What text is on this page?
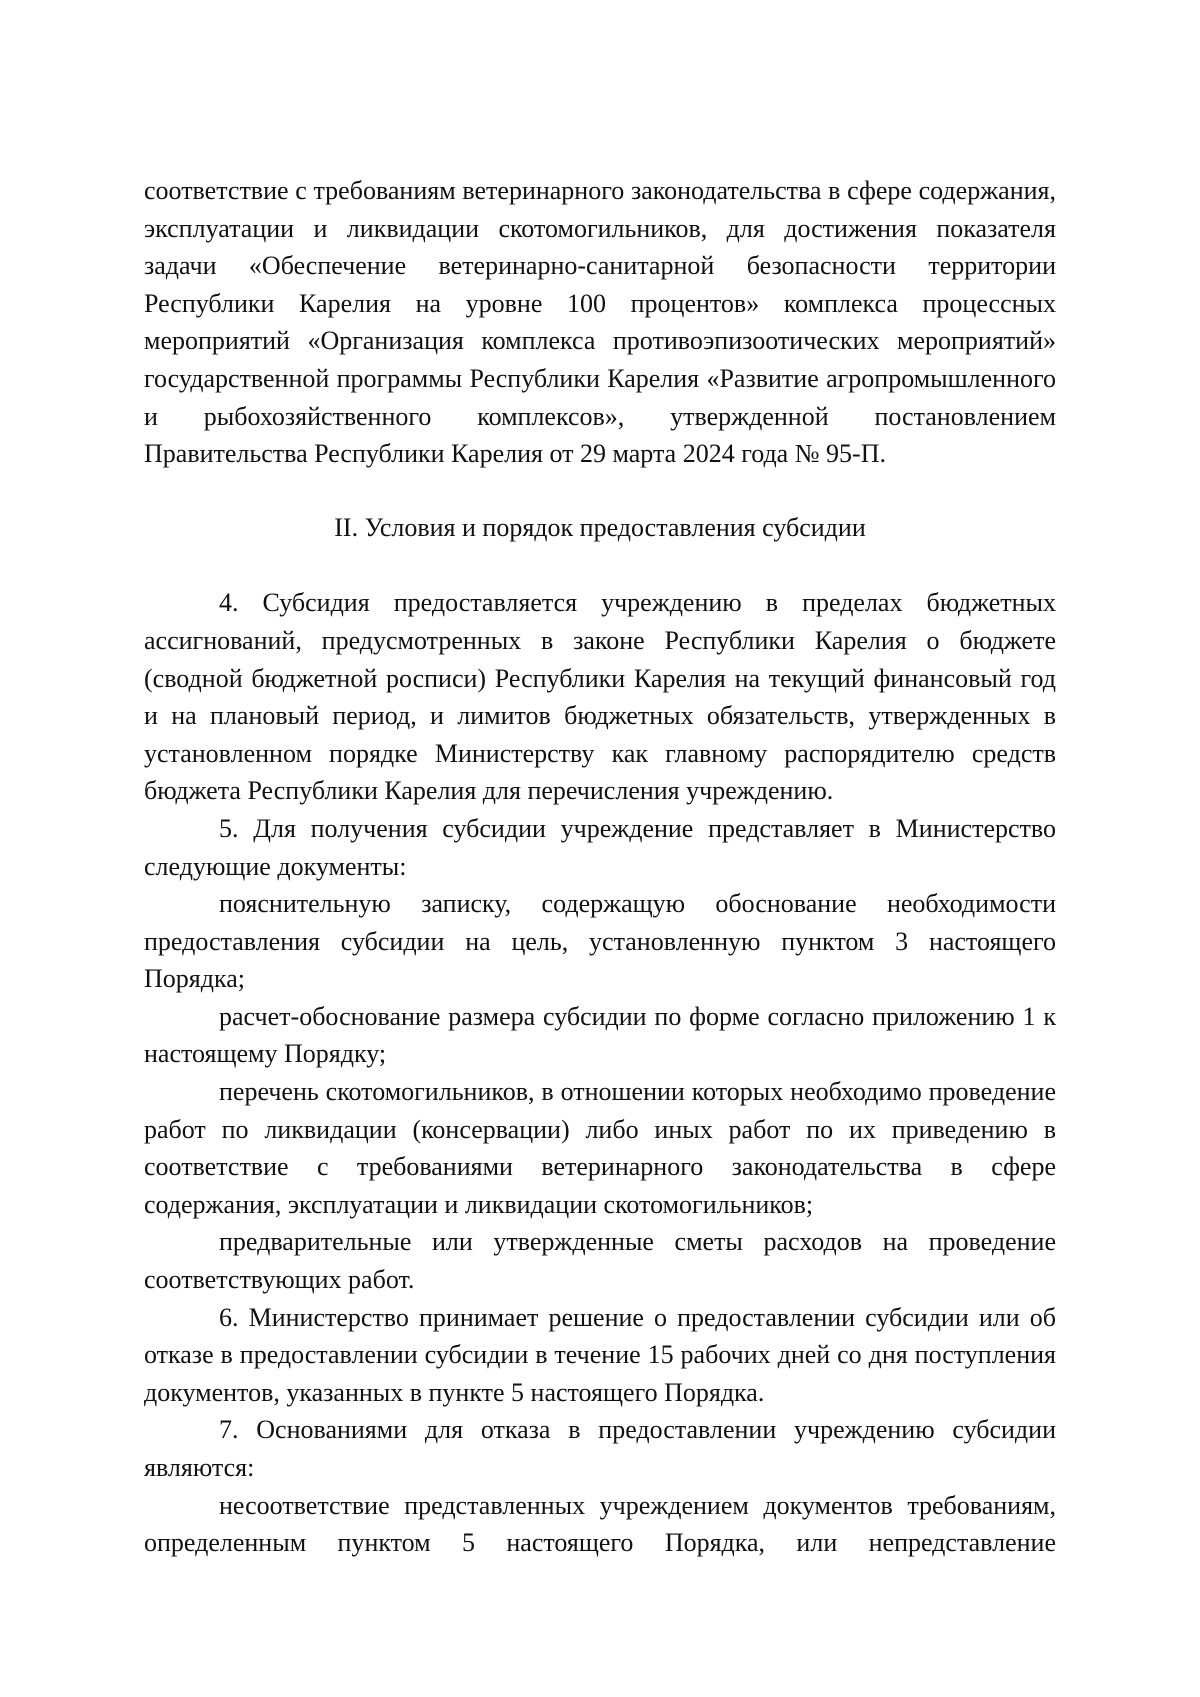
соответствие с требованиям ветеринарного законодательства в сфере содержания, эксплуатации и ликвидации скотомогильников, для достижения показателя задачи «Обеспечение ветеринарно-санитарной безопасности территории Республики Карелия на уровне 100 процентов» комплекса процессных мероприятий «Организация комплекса противоэпизоотических мероприятий» государственной программы Республики Карелия «Развитие агропромышленного и рыбохозяйственного комплексов», утвержденной постановлением Правительства Республики Карелия от 29 марта 2024 года № 95-П.

II. Условия и порядок предоставления субсидии

4. Субсидия предоставляется учреждению в пределах бюджетных ассигнований, предусмотренных в законе Республики Карелия о бюджете (сводной бюджетной росписи) Республики Карелия на текущий финансовый год и на плановый период, и лимитов бюджетных обязательств, утвержденных в установленном порядке Министерству как главному распорядителю средств бюджета Республики Карелия для перечисления учреждению.

5. Для получения субсидии учреждение представляет в Министерство следующие документы:

пояснительную записку, содержащую обоснование необходимости предоставления субсидии на цель, установленную пунктом 3 настоящего Порядка;

расчет-обоснование размера субсидии по форме согласно приложению 1 к настоящему Порядку;

перечень скотомогильников, в отношении которых необходимо проведение работ по ликвидации (консервации) либо иных работ по их приведению в соответствие с требованиями ветеринарного законодательства в сфере содержания, эксплуатации и ликвидации скотомогильников;

предварительные или утвержденные сметы расходов на проведение соответствующих работ.

6. Министерство принимает решение о предоставлении субсидии или об отказе в предоставлении субсидии в течение 15 рабочих дней со дня поступления документов, указанных в пункте 5 настоящего Порядка.

7. Основаниями для отказа в предоставлении учреждению субсидии являются:

несоответствие представленных учреждением документов требованиям, определенным пунктом 5 настоящего Порядка, или непредставление
